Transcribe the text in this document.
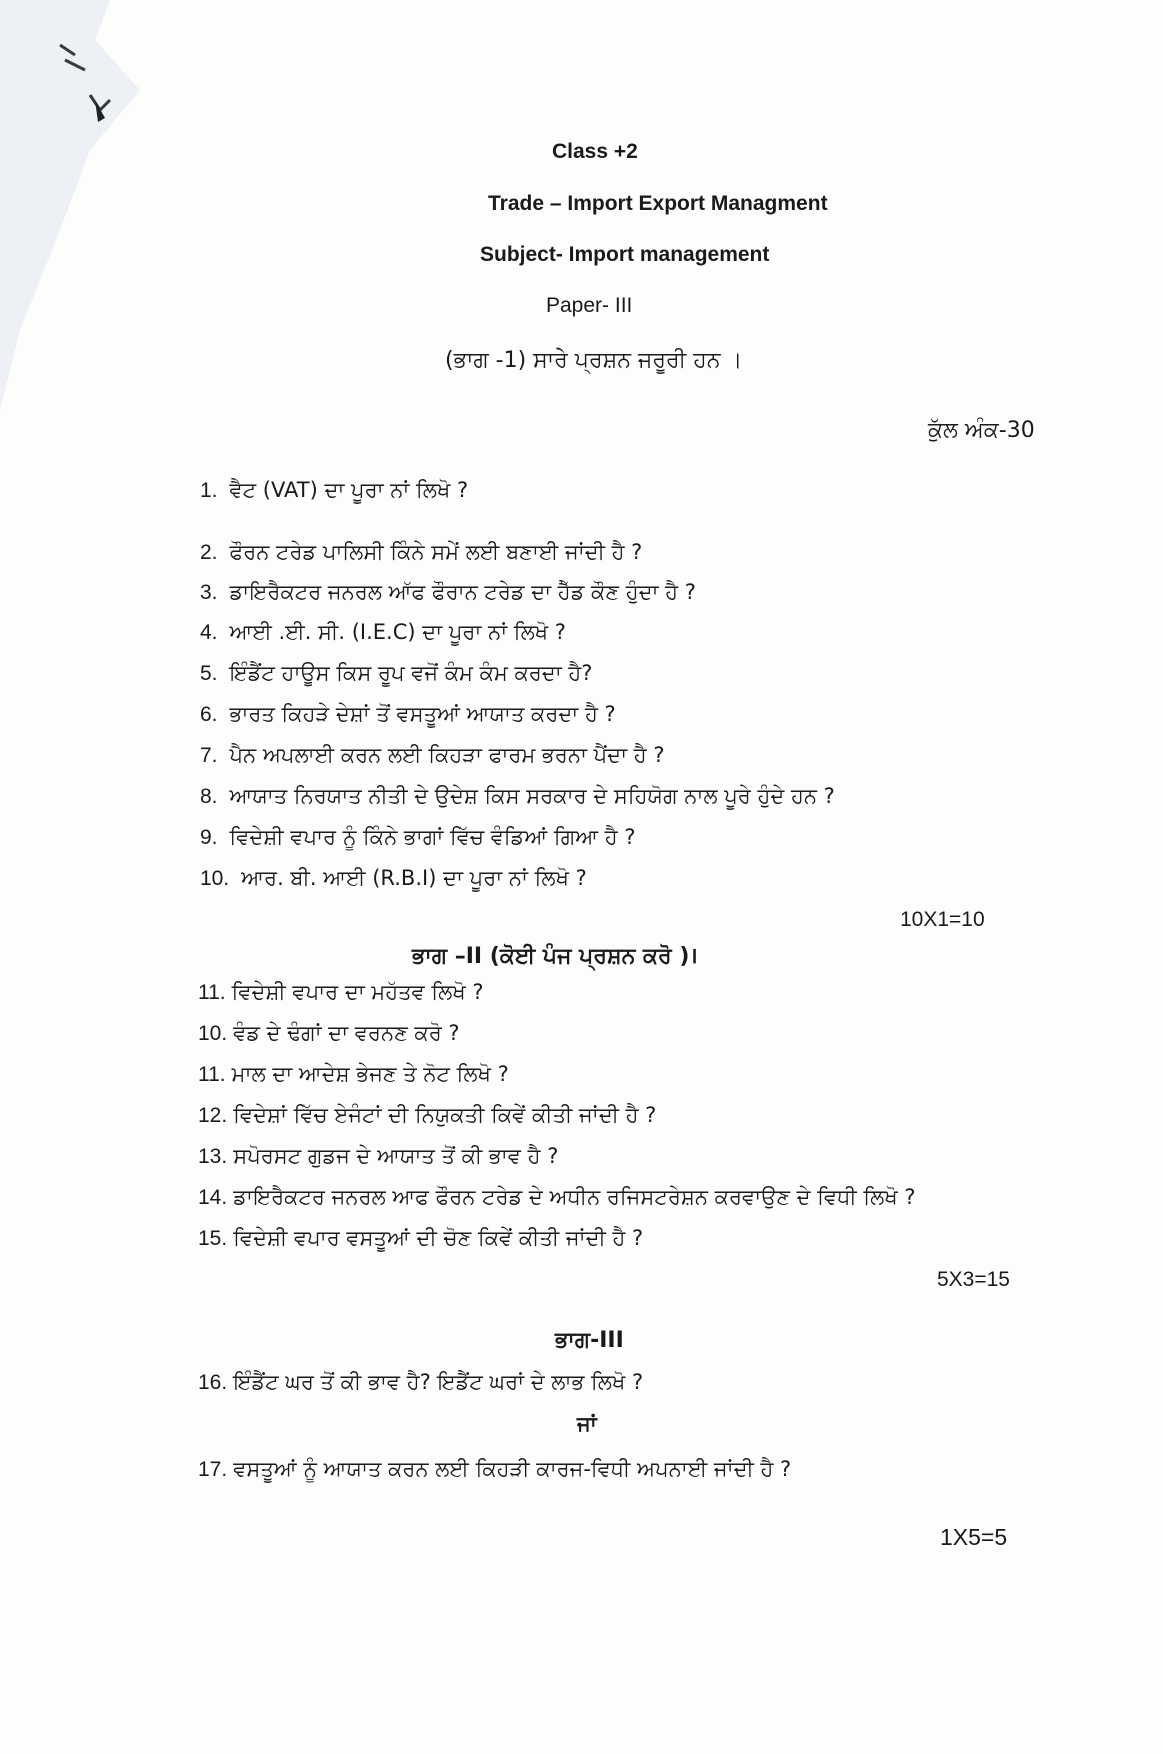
Class +2
Trade – Import Export Managment
Subject- Import management
Paper- III
(ਭਾਗ -1) ਸਾਰੇ ਪ੍ਰਸ਼ਨ ਜਰੂਰੀ ਹਨ ।
ਕੁੱਲ ਅੰਕ-30
1. ਵੈਟ (VAT) ਦਾ ਪੂਰਾ ਨਾਂ ਲਿਖੋ ?
2. ਫੌਰਨ ਟਰੇਡ ਪਾਲਿਸੀ ਕਿੰਨੇ ਸਮੇਂ ਲਈ ਬਣਾਈ ਜਾਂਦੀ ਹੈ ?
3. ਡਾਇਰੈਕਟਰ ਜਨਰਲ ਆੱਫ ਫੌਰਾਨ ਟਰੇਡ ਦਾ ਹੈੱਡ ਕੌਣ ਹੁੰਦਾ ਹੈ ?
4. ਆਈ .ਈ. ਸੀ. (I.E.C) ਦਾ ਪੂਰਾ ਨਾਂ ਲਿਖੋ ?
5. ਇੰਡੈਂਟ ਹਾਊਸ ਕਿਸ ਰੂਪ ਵਜੋਂ ਕੰਮ ਕੰਮ ਕਰਦਾ ਹੈ?
6. ਭਾਰਤ ਕਿਹੜੇ ਦੇਸ਼ਾਂ ਤੋਂ ਵਸਤੂਆਂ ਆਯਾਤ ਕਰਦਾ ਹੈ ?
7. ਪੈਨ ਅਪਲਾਈ ਕਰਨ ਲਈ ਕਿਹੜਾ ਫਾਰਮ ਭਰਨਾ ਪੈਂਦਾ ਹੈ ?
8. ਆਯਾਤ ਨਿਰਯਾਤ ਨੀਤੀ ਦੇ ਉਦੇਸ਼ ਕਿਸ ਸਰਕਾਰ ਦੇ ਸਹਿਯੋਗ ਨਾਲ ਪੂਰੇ ਹੁੰਦੇ ਹਨ ?
9. ਵਿਦੇਸ਼ੀ ਵਪਾਰ ਨੂੰ ਕਿੰਨੇ ਭਾਗਾਂ ਵਿੱਚ ਵੰਡਿਆਂ ਗਿਆ ਹੈ ?
10. ਆਰ. ਬੀ. ਆਈ (R.B.I) ਦਾ ਪੂਰਾ ਨਾਂ ਲਿਖੋ ?
10X1=10
ਭਾਗ –II (ਕੋਈ ਪੰਜ ਪ੍ਰਸ਼ਨ ਕਰੋ )।
11. ਵਿਦੇਸ਼ੀ ਵਪਾਰ ਦਾ ਮਹੱਤਵ ਲਿਖੋ ?
10. ਵੰਡ ਦੇ ਢੰਗਾਂ ਦਾ ਵਰਨਣ ਕਰੋ ?
11. ਮਾਲ ਦਾ ਆਦੇਸ਼ ਭੇਜਣ ਤੇ ਨੋਟ ਲਿਖੋ ?
12. ਵਿਦੇਸ਼ਾਂ ਵਿੱਚ ਏਜੰਟਾਂ ਦੀ ਨਿਯੁਕਤੀ ਕਿਵੇਂ ਕੀਤੀ ਜਾਂਦੀ ਹੈ ?
13. ਸਪੋਰਸਟ ਗੁਡਜ ਦੇ ਆਯਾਤ ਤੋਂ ਕੀ ਭਾਵ ਹੈ ?
14. ਡਾਇਰੈਕਟਰ ਜਨਰਲ ਆਫ ਫੌਰਨ ਟਰੇਡ ਦੇ ਅਧੀਨ ਰਜਿਸਟਰੇਸ਼ਨ ਕਰਵਾਉਣ ਦੇ ਵਿਧੀ ਲਿਖੋ ?
15. ਵਿਦੇਸ਼ੀ ਵਪਾਰ ਵਸਤੂਆਂ ਦੀ ਚੋਣ ਕਿਵੇਂ ਕੀਤੀ ਜਾਂਦੀ ਹੈ ?
5X3=15
ਭਾਗ-III
16. ਇੰਡੈਂਟ ਘਰ ਤੋਂ ਕੀ ਭਾਵ ਹੈ? ਇਡੈਂਟ ਘਰਾਂ ਦੇ ਲਾਭ ਲਿਖੋ ?
ਜਾਂ
17. ਵਸਤੂਆਂ ਨੂੰ ਆਯਾਤ ਕਰਨ ਲਈ ਕਿਹੜੀ ਕਾਰਜ-ਵਿਧੀ ਅਪਨਾਈ ਜਾਂਦੀ ਹੈ ?
1X5=5
